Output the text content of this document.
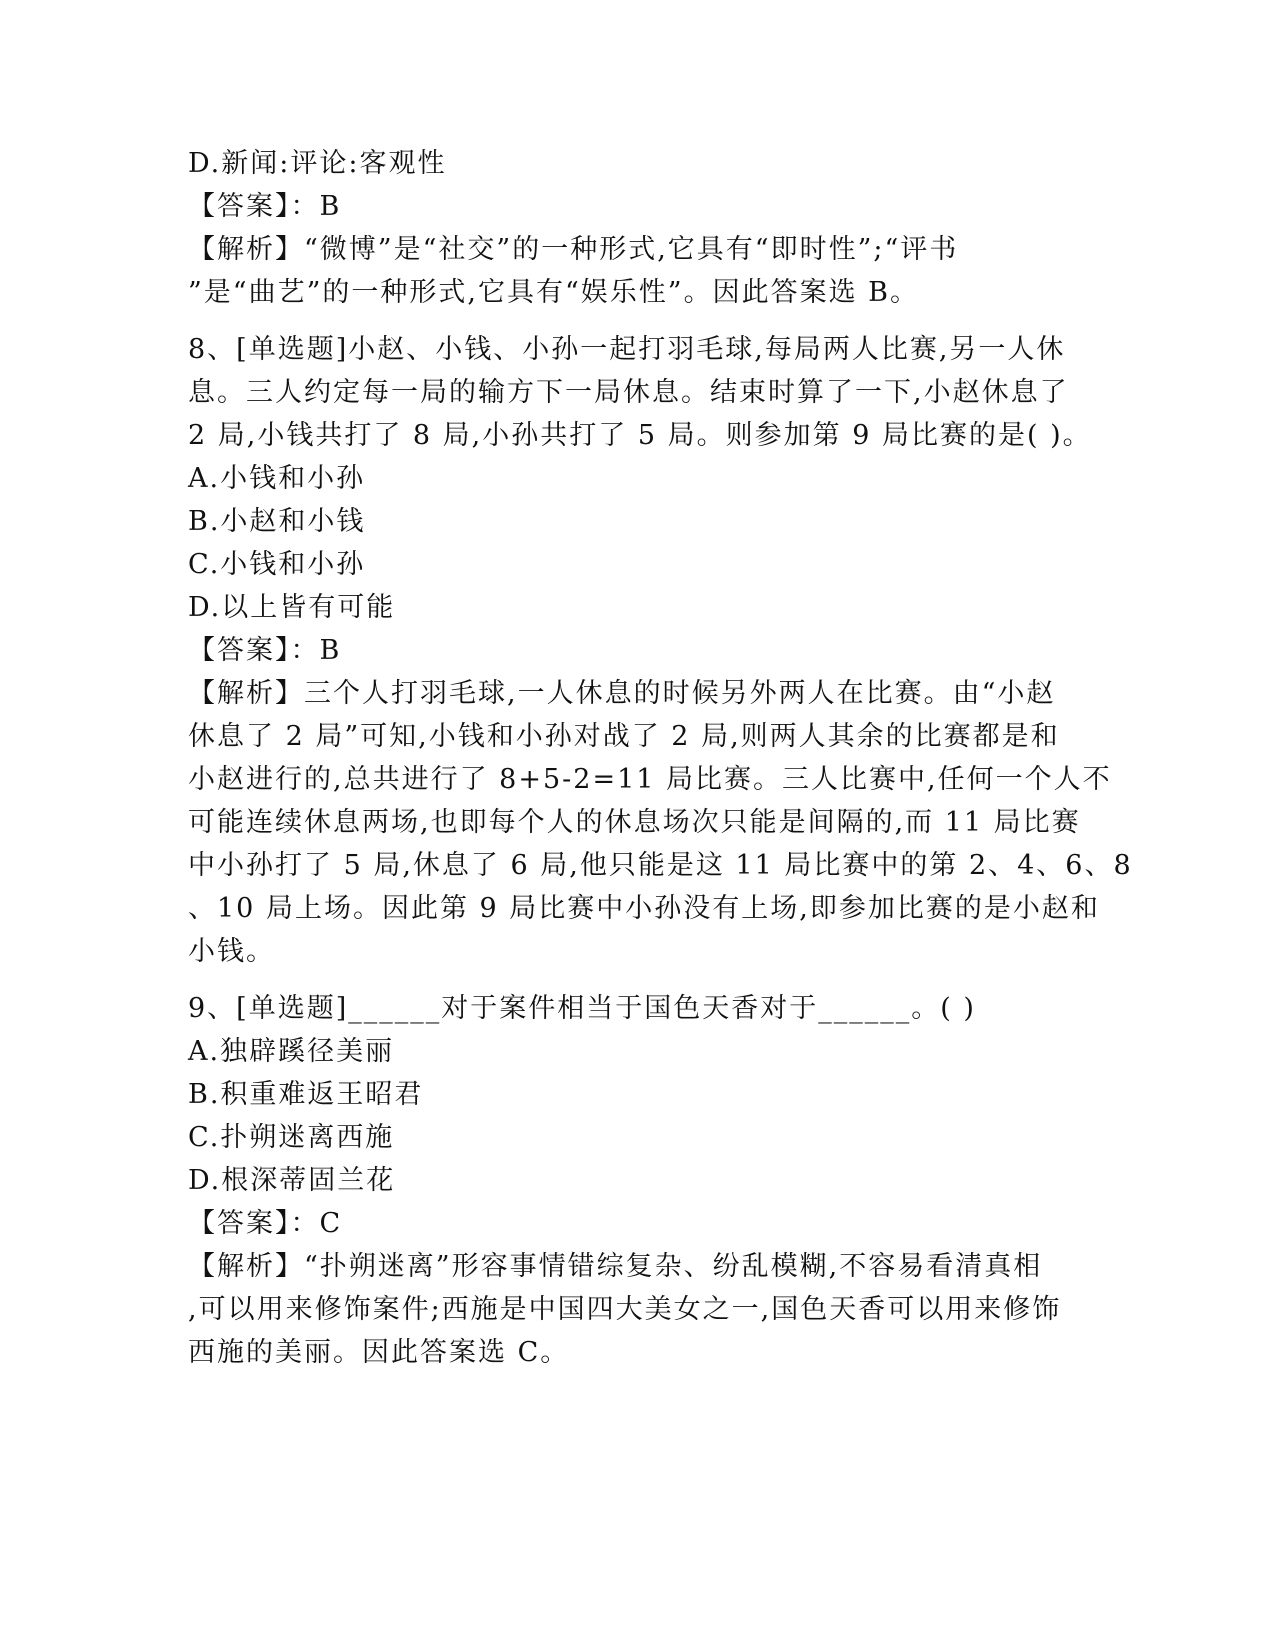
D.新闻:评论:客观性
【答案】：B
【解析】“微博”是“社交”的一种形式,它具有“即时性”;“评书
”是“曲艺”的一种形式,它具有“娱乐性”。因此答案选 B。
8、[单选题]小赵、小钱、小孙一起打羽毛球,每局两人比赛,另一人休
息。三人约定每一局的输方下一局休息。结束时算了一下,小赵休息了
2 局,小钱共打了 8 局,小孙共打了 5 局。则参加第 9 局比赛的是( )。
A.小钱和小孙
B.小赵和小钱
C.小钱和小孙
D.以上皆有可能
【答案】：B
【解析】三个人打羽毛球,一人休息的时候另外两人在比赛。由“小赵
休息了 2 局”可知,小钱和小孙对战了 2 局,则两人其余的比赛都是和
小赵进行的,总共进行了 8+5-2=11 局比赛。三人比赛中,任何一个人不
可能连续休息两场,也即每个人的休息场次只能是间隔的,而 11 局比赛
中小孙打了 5 局,休息了 6 局,他只能是这 11 局比赛中的第 2、4、6、8
、10 局上场。因此第 9 局比赛中小孙没有上场,即参加比赛的是小赵和
小钱。
9、[单选题]______对于案件相当于国色天香对于______。( )
A.独辟蹊径美丽
B.积重难返王昭君
C.扑朔迷离西施
D.根深蒂固兰花
【答案】：C
【解析】“扑朔迷离”形容事情错综复杂、纷乱模糊,不容易看清真相
,可以用来修饰案件;西施是中国四大美女之一,国色天香可以用来修饰
西施的美丽。因此答案选 C。
